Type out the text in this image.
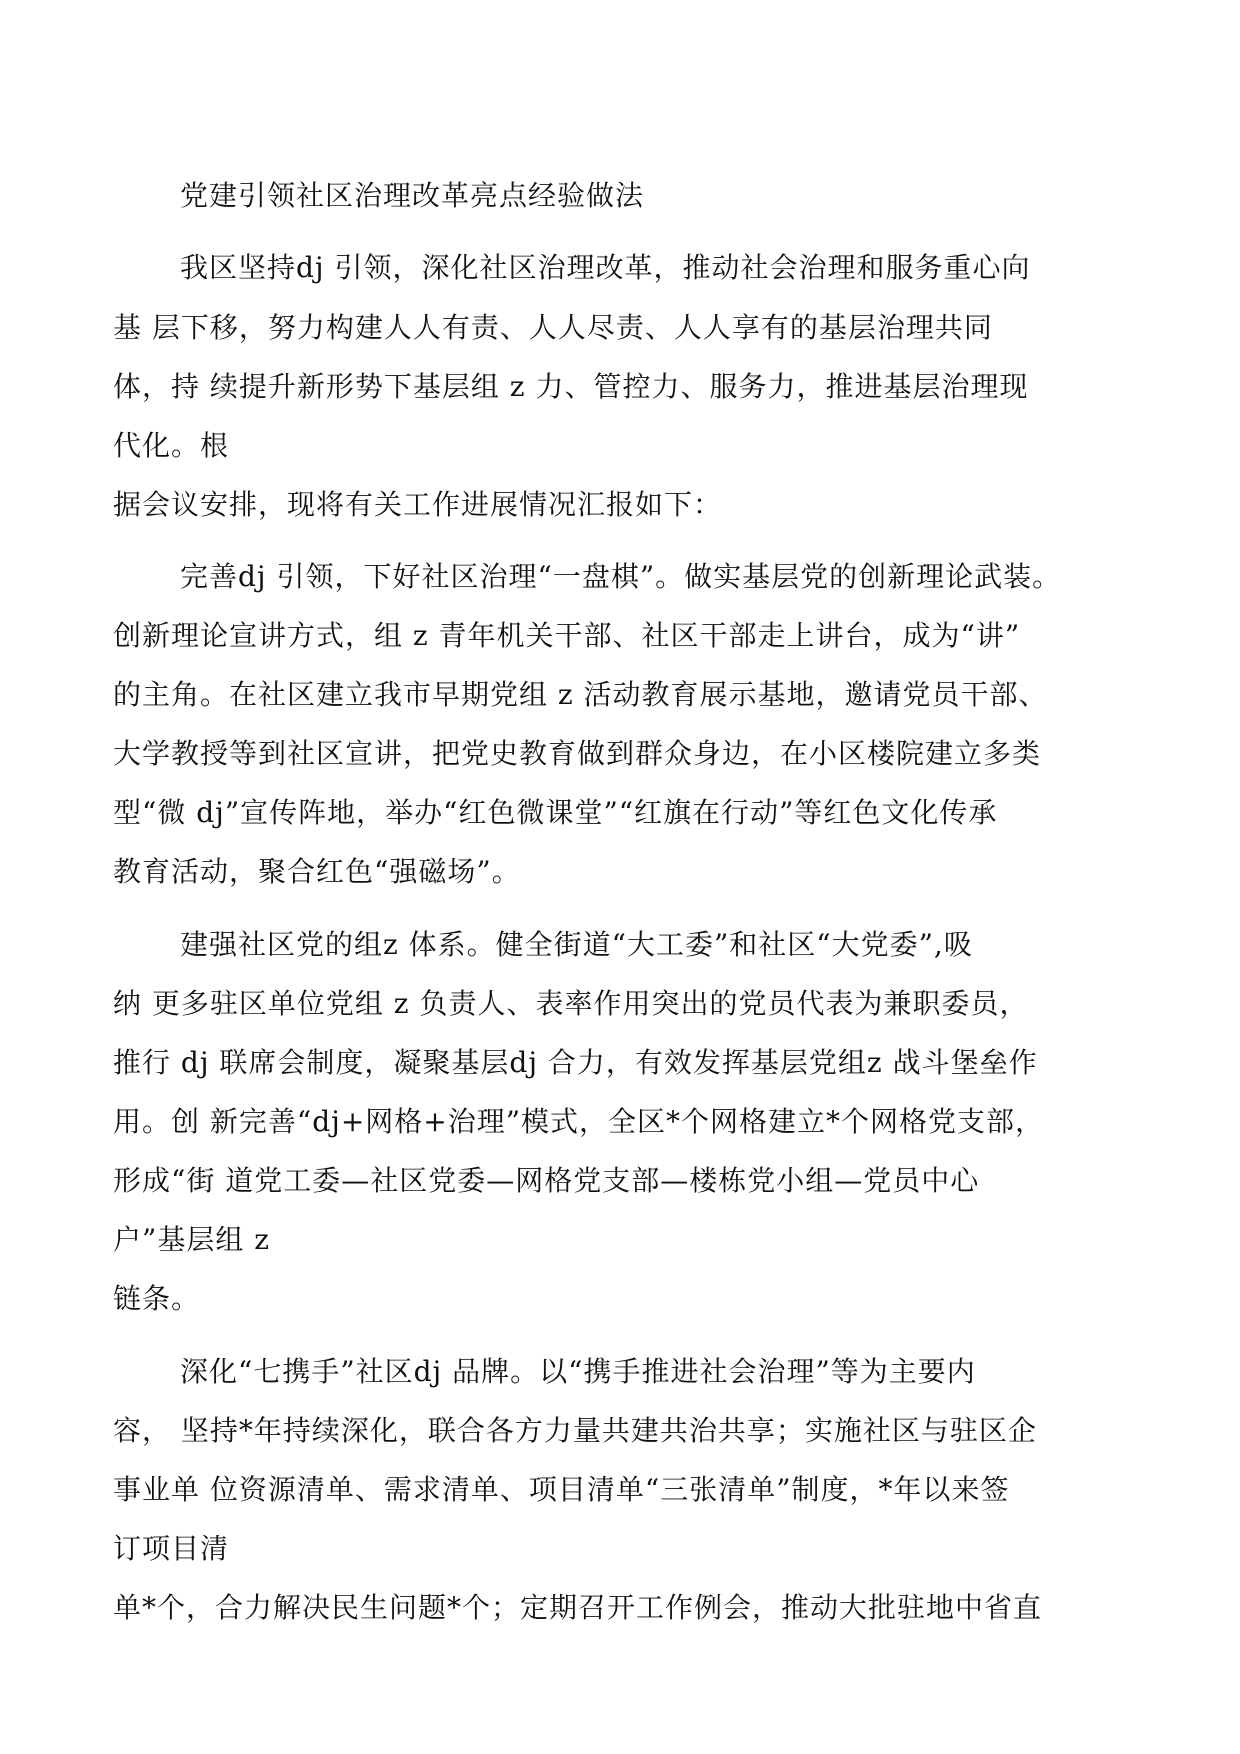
党建引领社区治理改革亮点经验做法
我区坚持dj 引领，深化社区治理改革，推动社会治理和服务重心向
基 层下移，努力构建人人有责、人人尽责、人人享有的基层治理共同
体，持 续提升新形势下基层组 z 力、管控力、服务力，推进基层治理现
代化。根
据会议安排，现将有关工作进展情况汇报如下：
完善dj 引领，下好社区治理“一盘棋”。做实基层党的创新理论武装。
创新理论宣讲方式，组 z 青年机关干部、社区干部走上讲台，成为“讲”
的主角。在社区建立我市早期党组 z 活动教育展示基地，邀请党员干部、
大学教授等到社区宣讲，把党史教育做到群众身边，在小区楼院建立多类
型“微 dj”宣传阵地，举办“红色微课堂”“红旗在行动”等红色文化传承
教育活动，聚合红色“强磁场”。
建强社区党的组z 体系。健全街道“大工委”和社区“大党委”,吸
纳 更多驻区单位党组 z 负责人、表率作用突出的党员代表为兼职委员，
推行 dj 联席会制度，凝聚基层dj 合力，有效发挥基层党组z 战斗堡垒作
用。创 新完善“dj+网格+治理”模式，全区*个网格建立*个网格党支部，
形成“街 道党工委—社区党委—网格党支部—楼栋党小组—党员中心
户”基层组 z
链条。
深化“七携手”社区dj 品牌。以“携手推进社会治理”等为主要内
容， 坚持*年持续深化，联合各方力量共建共治共享；实施社区与驻区企
事业单 位资源清单、需求清单、项目清单“三张清单”制度，*年以来签
订项目清
单*个，合力解决民生问题*个；定期召开工作例会，推动大批驻地中省直
